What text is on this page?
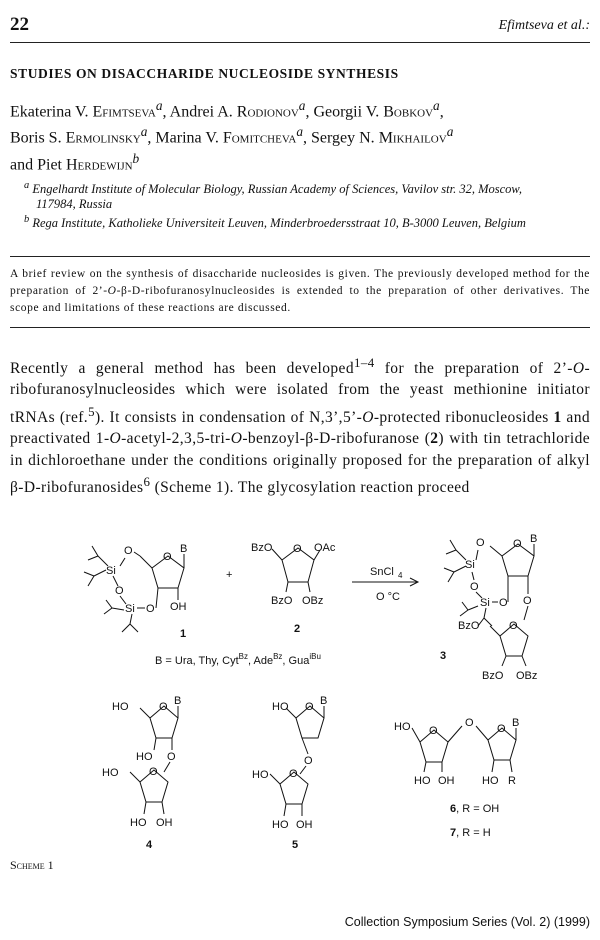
22	Efimtseva et al.:
STUDIES ON DISACCHARIDE NUCLEOSIDE SYNTHESIS
Ekaterina V. Efimtseva$^a$, Andrei A. Rodionov$^a$, Georgii V. Bobkov$^a$,
Boris S. Ermolinsky$^a$, Marina V. Fomitcheva$^a$, Sergey N. Mikhailov$^a$
and Piet Herdewijn$^b$
$^a$ Engelhardt Institute of Molecular Biology, Russian Academy of Sciences, Vavilov str. 32, Moscow,
117984, Russia
$^b$ Rega Institute, Katholieke Universiteit Leuven, Minderbroedersstraat 10, B-3000 Leuven, Belgium
A brief review on the synthesis of disaccharide nucleosides is given. The previously developed method for the preparation of 2’-O-β-D-ribofuranosylnucleosides is extended to the preparation of other derivatives. The scope and limitations of these reactions are discussed.
Recently a general method has been developed$^{1-4}$ for the preparation of 2’-O-ribofuranosylnucleosides which were isolated from the yeast methionine initiator tRNAs (ref.$^5$). It consists in condensation of N,3’,5’-O-protected ribonucleosides 1 and preactivated 1-O-acetyl-2,3,5-tri-O-benzoyl-β-D-ribofuranose (2) with tin tetrachloride in dichloroethane under the conditions originally proposed for the preparation of alkyl β-D-ribofuranosides$^6$ (Scheme 1). The glycosylation reaction proceed
O
B
O
Si
O
Si O OH
1
+
O
BzO	OAc
BzO OBz
2
SnCl 4
O °C
O B
O
Si
O
Si O O
O
BzO
BzO OBz
3
B = Ura, Thy, Cyt$^{Bz}$, Ade$^{Bz}$, Gua$^{iBu}$
O B
HO
HO O
O
HO
HO OH
4
O B
HO
O
O
HO
HO OH
5
O
HO	O O B
HO OH	HO R
6, R = OH
7, R = H
Scheme 1
Collection Symposium Series (Vol. 2) (1999)
